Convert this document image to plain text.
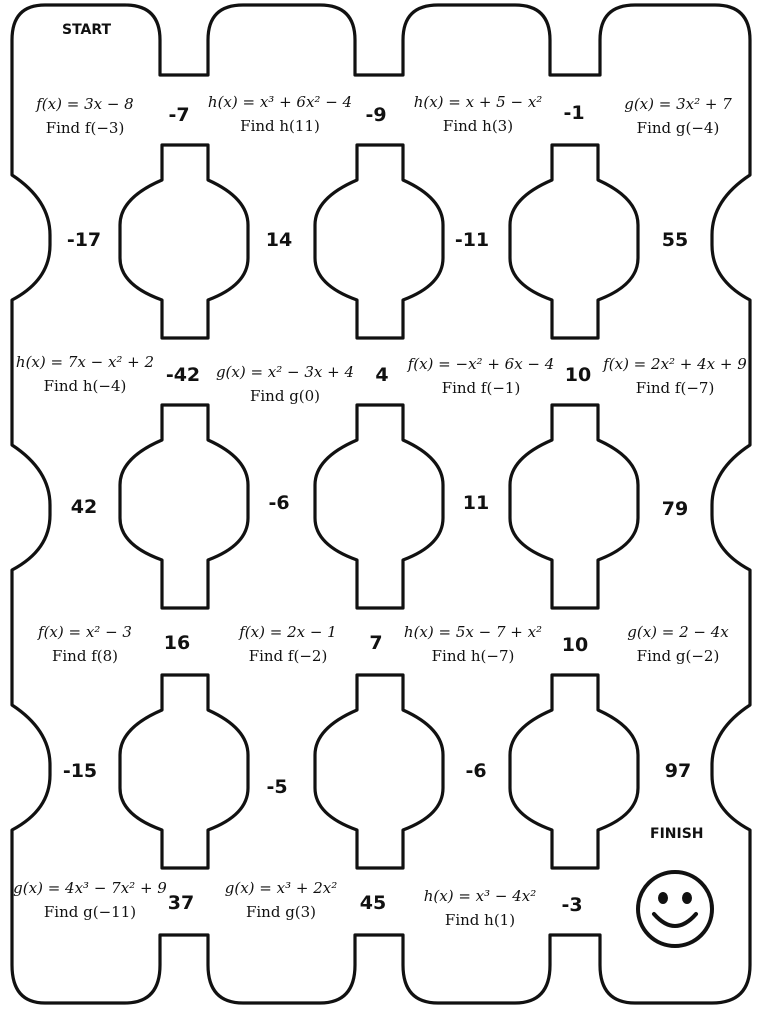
START
FINISH
f(x) = 3x − 8
Find f(−3)
h(x) = x³ + 6x² − 4
Find h(11)
h(x) = x + 5 − x²
Find h(3)
g(x) = 3x² + 7
Find g(−4)
-7	-9	-1
-17	14	-11	55
h(x) = 7x − x² + 2
Find h(−4)
g(x) = x² − 3x + 4
Find g(0)
f(x) = −x² + 6x − 4
Find f(−1)
f(x) = 2x² + 4x + 9
Find f(−7)
-42	4	10
42	-6	11	79
f(x) = x² − 3
Find f(8)
f(x) = 2x − 1
Find f(−2)
h(x) = 5x − 7 + x²
Find h(−7)
g(x) = 2 − 4x
Find g(−2)
16	7	10
-15
-5
-6	97
g(x) = 4x³ − 7x² + 9
Find g(−11)
g(x) = x³ + 2x²
Find g(3)
h(x) = x³ − 4x²
Find h(1)
37	45	-3
